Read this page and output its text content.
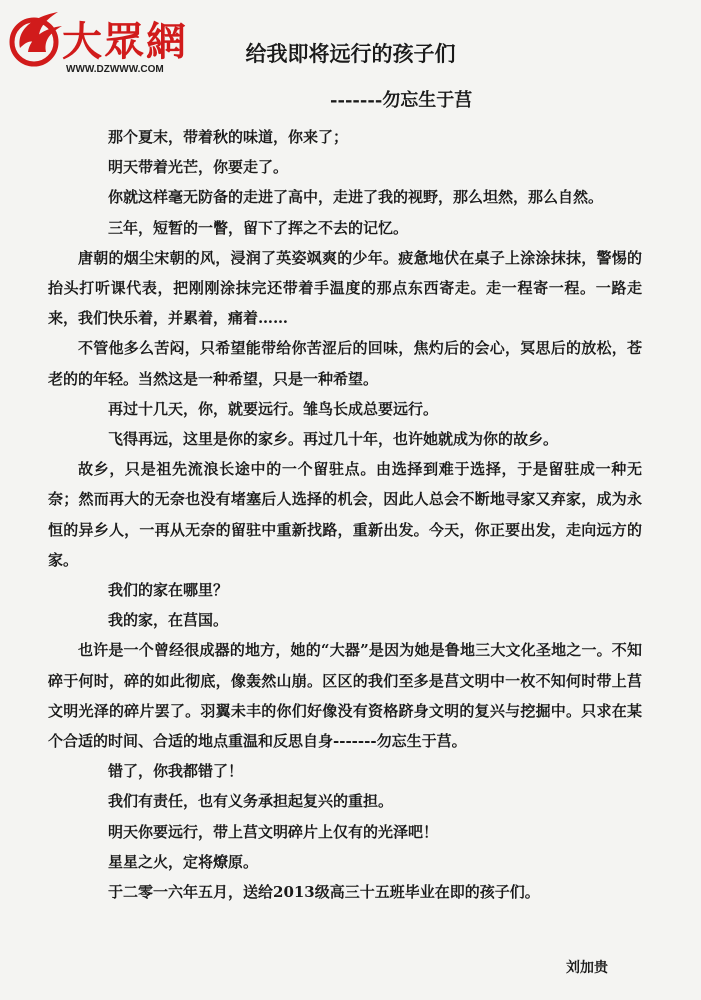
大眾網
WWW.DZWWW.COM
给我即将远行的孩子们
-------勿忘生于莒

那个夏末，带着秋的味道，你来了；

明天带着光芒，你要走了。

你就这样毫无防备的走进了高中，走进了我的视野，那么坦然，那么自然。

三年，短暂的一瞥，留下了挥之不去的记忆。

唐朝的烟尘宋朝的风，浸润了英姿飒爽的少年。疲惫地伏在桌子上涂涂抹抹，警惕的抬头打听课代表，把刚刚涂抹完还带着手温度的那点东西寄走。走一程寄一程。一路走来，我们快乐着，并累着，痛着……

不管他多么苦闷，只希望能带给你苦涩后的回味，焦灼后的会心，冥思后的放松，苍老的的年轻。当然这是一种希望，只是一种希望。

再过十几天，你，就要远行。雏鸟长成总要远行。

飞得再远，这里是你的家乡。再过几十年，也许她就成为你的故乡。

故乡，只是祖先流浪长途中的一个留驻点。由选择到难于选择，于是留驻成一种无奈；然而再大的无奈也没有堵塞后人选择的机会，因此人总会不断地寻家又弃家，成为永恒的异乡人，一再从无奈的留驻中重新找路，重新出发。今天，你正要出发，走向远方的家。

我们的家在哪里？

我的家，在莒国。

也许是一个曾经很成器的地方，她的“大器”是因为她是鲁地三大文化圣地之一。不知碎于何时，碎的如此彻底，像轰然山崩。区区的我们至多是莒文明中一枚不知何时带上莒文明光泽的碎片罢了。羽翼未丰的你们好像没有资格跻身文明的复兴与挖掘中。只求在某个合适的时间、合适的地点重温和反思自身-------勿忘生于莒。

错了，你我都错了！

我们有责任，也有义务承担起复兴的重担。

明天你要远行，带上莒文明碎片上仅有的光泽吧！

星星之火，定将燎原。

于二零一六年五月，送给2013级高三十五班毕业在即的孩子们。

刘加贵
